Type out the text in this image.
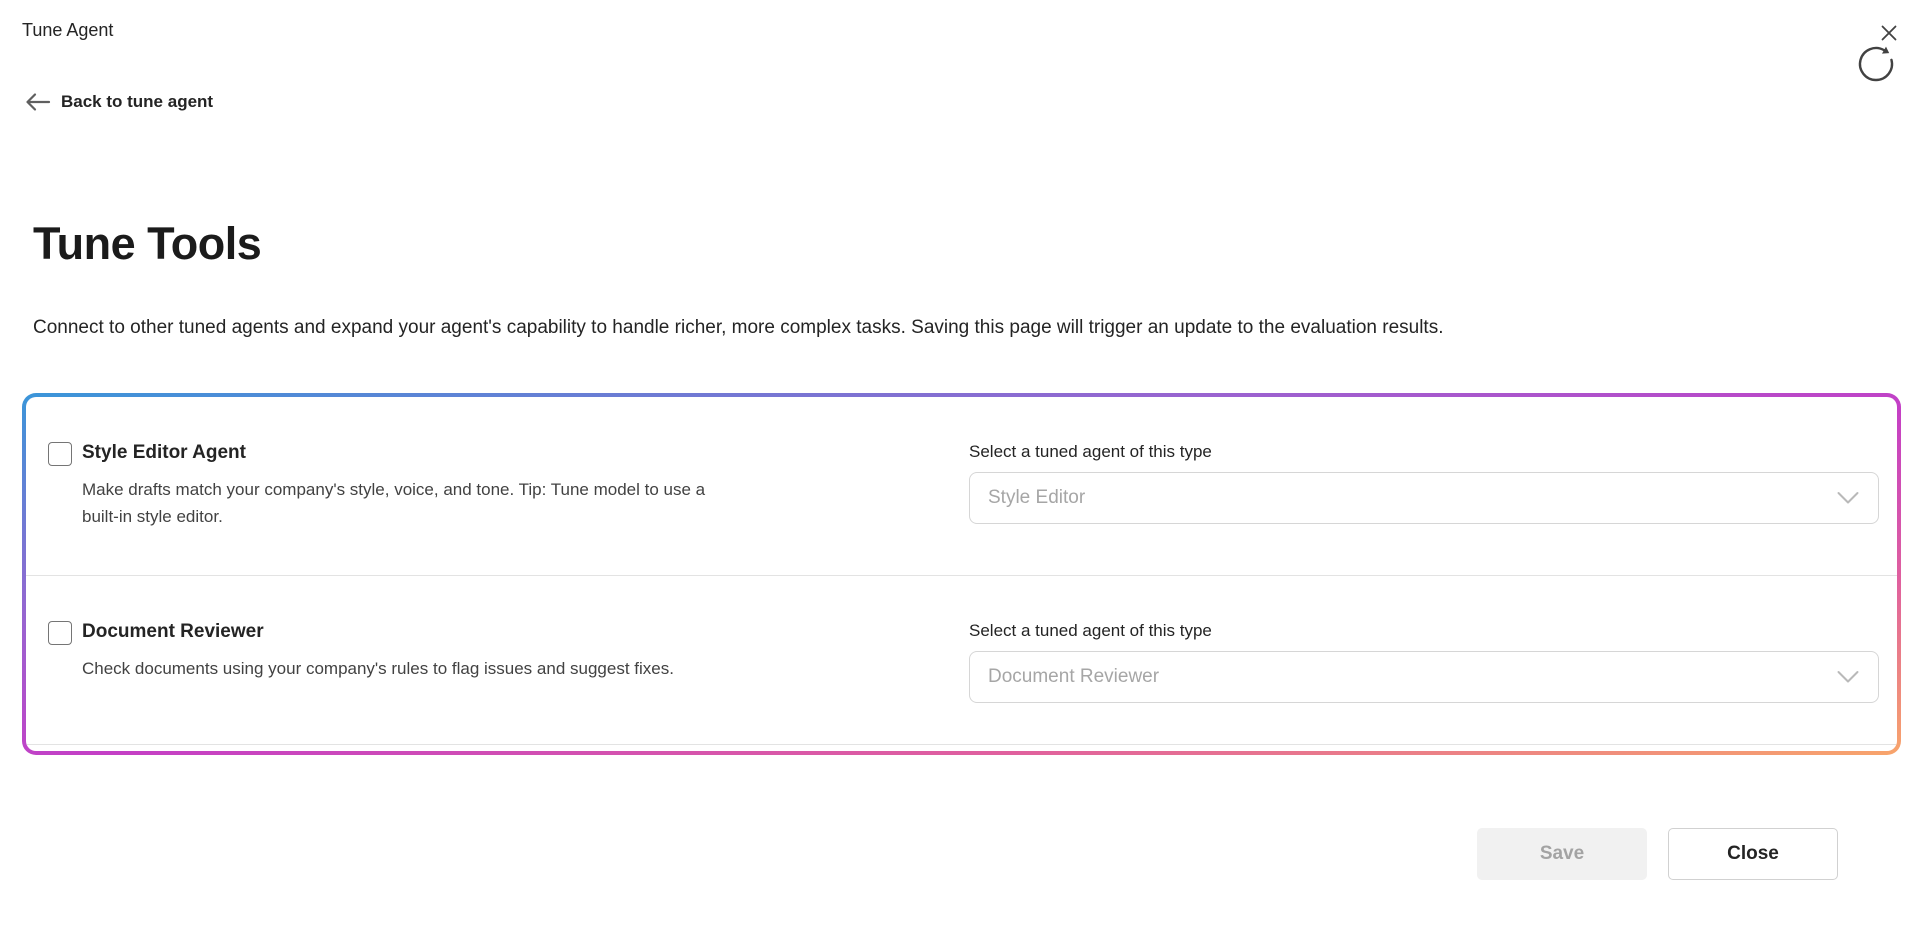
Tune Agent
Back to tune agent
Tune Tools

Connect to other tuned agents and expand your agent's capability to handle richer, more complex tasks. Saving this page will trigger an update to the evaluation results.

Style Editor Agent
Make drafts match your company's style, voice, and tone. Tip: Tune model to use a built-in style editor.
Select a tuned agent of this type
Style Editor
Document Reviewer
Check documents using your company's rules to flag issues and suggest fixes.
Select a tuned agent of this type
Document Reviewer
Save	Close
